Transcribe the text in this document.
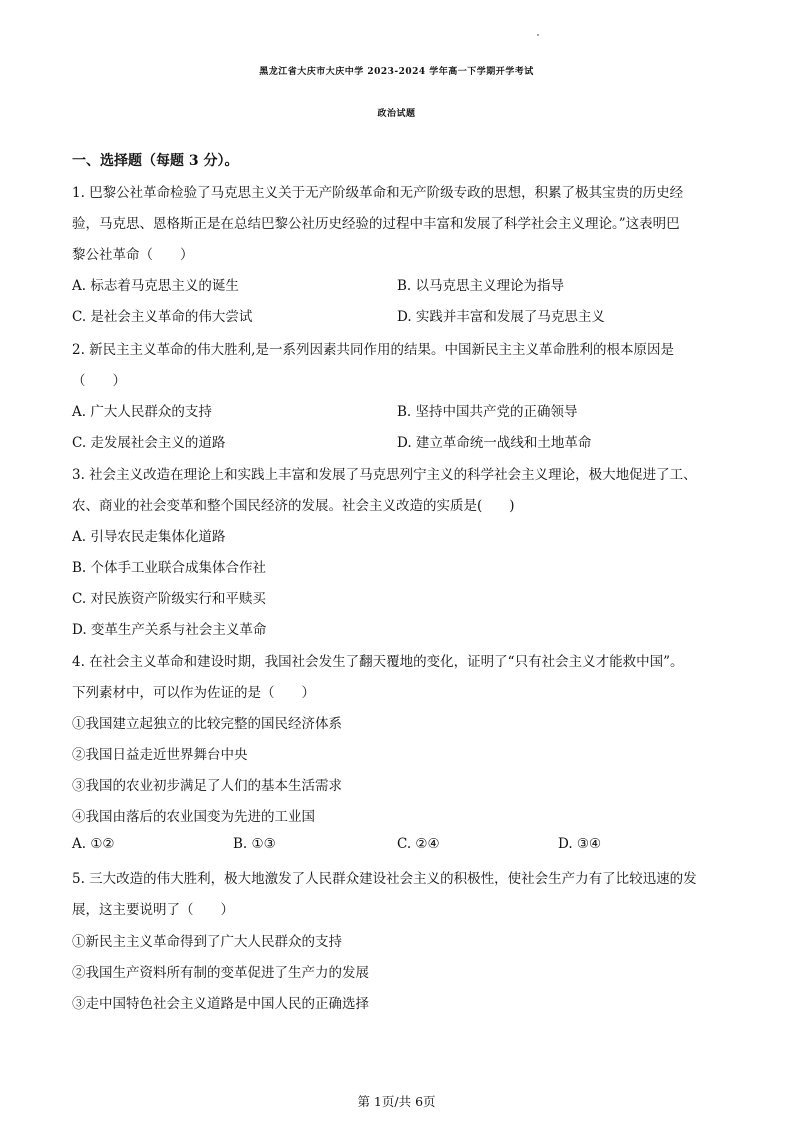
黑龙江省大庆市大庆中学 2023-2024 学年高一下学期开学考试
政治试题
一、选择题（每题 3 分）。
1. 巴黎公社革命检验了马克思主义关于无产阶级革命和无产阶级专政的思想，积累了极其宝贵的历史经
验，马克思、恩格斯正是在总结巴黎公社历史经验的过程中丰富和发展了科学社会主义理论。”这表明巴
黎公社革命（　　）
A. 标志着马克思主义的诞生	B. 以马克思主义理论为指导
C. 是社会主义革命的伟大尝试	D. 实践并丰富和发展了马克思主义
2. 新民主主义革命的伟大胜利,是一系列因素共同作用的结果。中国新民主主义革命胜利的根本原因是
（　　）
A. 广大人民群众的支持	B. 坚持中国共产党的正确领导
C. 走发展社会主义的道路	D. 建立革命统一战线和土地革命
3. 社会主义改造在理论上和实践上丰富和发展了马克思列宁主义的科学社会主义理论，极大地促进了工、
农、商业的社会变革和整个国民经济的发展。社会主义改造的实质是(　　)
A. 引导农民走集体化道路
B. 个体手工业联合成集体合作社
C. 对民族资产阶级实行和平赎买
D. 变革生产关系与社会主义革命
4. 在社会主义革命和建设时期，我国社会发生了翻天覆地的变化，证明了“只有社会主义才能救中国”。
下列素材中，可以作为佐证的是（　　）
①我国建立起独立的比较完整的国民经济体系
②我国日益走近世界舞台中央
③我国的农业初步满足了人们的基本生活需求
④我国由落后的农业国变为先进的工业国
A. ①②	B. ①③	C. ②④	D. ③④
5. 三大改造的伟大胜利，极大地激发了人民群众建设社会主义的积极性，使社会生产力有了比较迅速的发
展，这主要说明了（　　）
①新民主主义革命得到了广大人民群众的支持
②我国生产资料所有制的变革促进了生产力的发展
③走中国特色社会主义道路是中国人民的正确选择
第 1页/共 6页
